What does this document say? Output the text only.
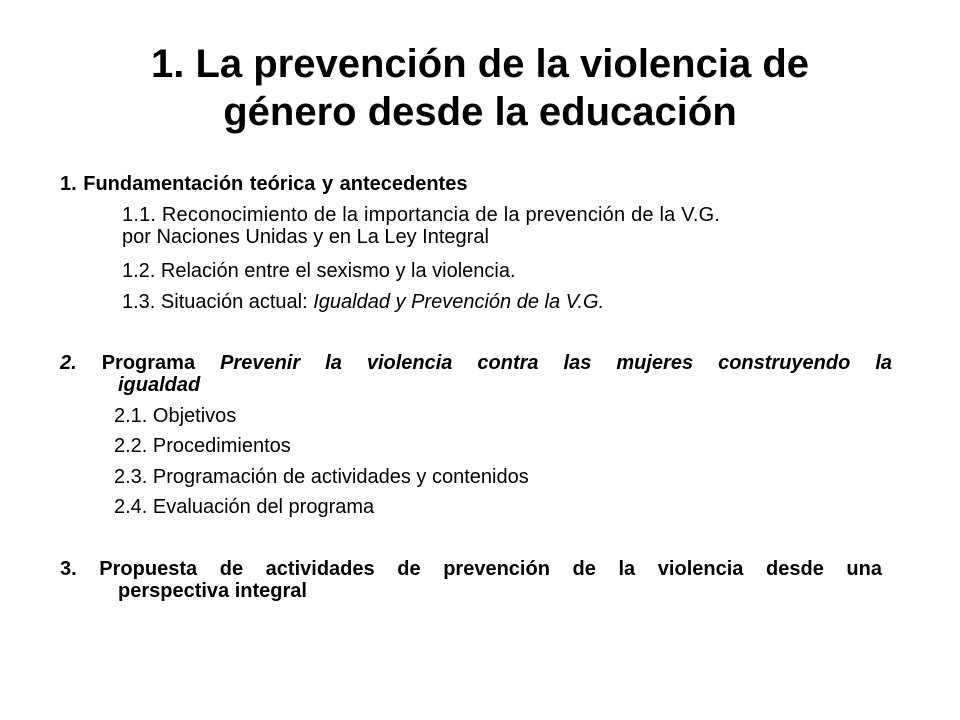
1. La prevención de la violencia de
género desde la educación
1. Fundamentación teórica y antecedentes
1.1. Reconocimiento de la importancia de la prevención de la V.G.
por Naciones Unidas y en La Ley Integral
1.2. Relación entre el sexismo y la violencia.
1.3. Situación actual: Igualdad y Prevención de la V.G.
2. Programa Prevenir la violencia contra las mujeres construyendo la
igualdad
2.1. Objetivos
2.2. Procedimientos
2.3. Programación de actividades y contenidos
2.4. Evaluación del programa
3. Propuesta de actividades de prevención de la violencia desde una
perspectiva integral
